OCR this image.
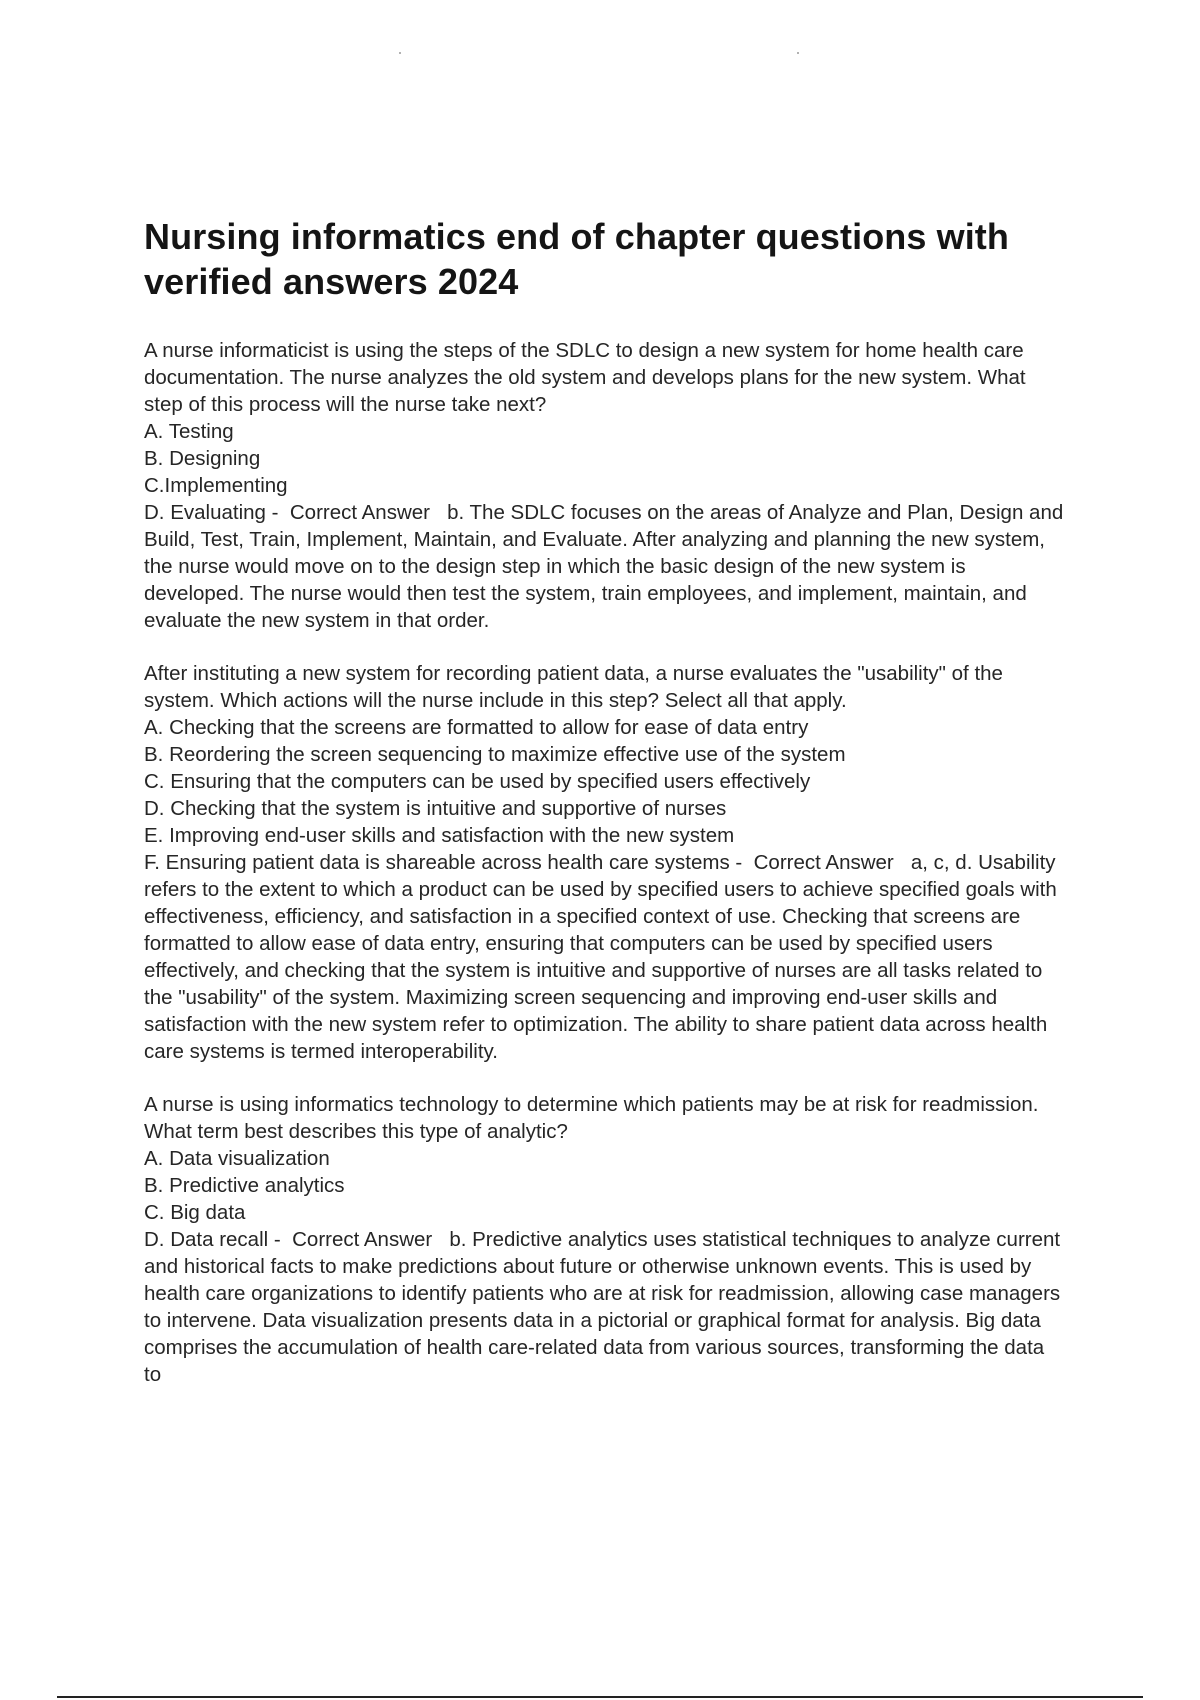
Nursing informatics end of chapter questions with verified answers 2024

A nurse informaticist is using the steps of the SDLC to design a new system for home health care documentation. The nurse analyzes the old system and develops plans for the new system. What step of this process will the nurse take next?

A. Testing
B. Designing
C.Implementing

D. Evaluating -  Correct Answer b. The SDLC focuses on the areas of Analyze and Plan, Design and Build, Test, Train, Implement, Maintain, and Evaluate. After analyzing and planning the new system, the nurse would move on to the design step in which the basic design of the new system is developed. The nurse would then test the system, train employees, and implement, maintain, and evaluate the new system in that order.

After instituting a new system for recording patient data, a nurse evaluates the "usability" of the system. Which actions will the nurse include in this step? Select all that apply.

A. Checking that the screens are formatted to allow for ease of data entry
B. Reordering the screen sequencing to maximize effective use of the system
C. Ensuring that the computers can be used by specified users effectively
D. Checking that the system is intuitive and supportive of nurses
E. Improving end-user skills and satisfaction with the new system

F. Ensuring patient data is shareable across health care systems -  Correct Answer a, c, d. Usability refers to the extent to which a product can be used by specified users to achieve specified goals with effectiveness, efficiency, and satisfaction in a specified context of use. Checking that screens are formatted to allow ease of data entry, ensuring that computers can be used by specified users effectively, and checking that the system is intuitive and supportive of nurses are all tasks related to the "usability" of the system. Maximizing screen sequencing and improving end-user skills and satisfaction with the new system refer to optimization. The ability to share patient data across health care systems is termed interoperability.

A nurse is using informatics technology to determine which patients may be at risk for readmission. What term best describes this type of analytic?

A. Data visualization
B. Predictive analytics
C. Big data

D. Data recall -  Correct Answer b. Predictive analytics uses statistical techniques to analyze current and historical facts to make predictions about future or otherwise unknown events. This is used by health care organizations to identify patients who are at risk for readmission, allowing case managers to intervene. Data visualization presents data in a pictorial or graphical format for analysis. Big data comprises the accumulation of health care-related data from various sources, transforming the data to
